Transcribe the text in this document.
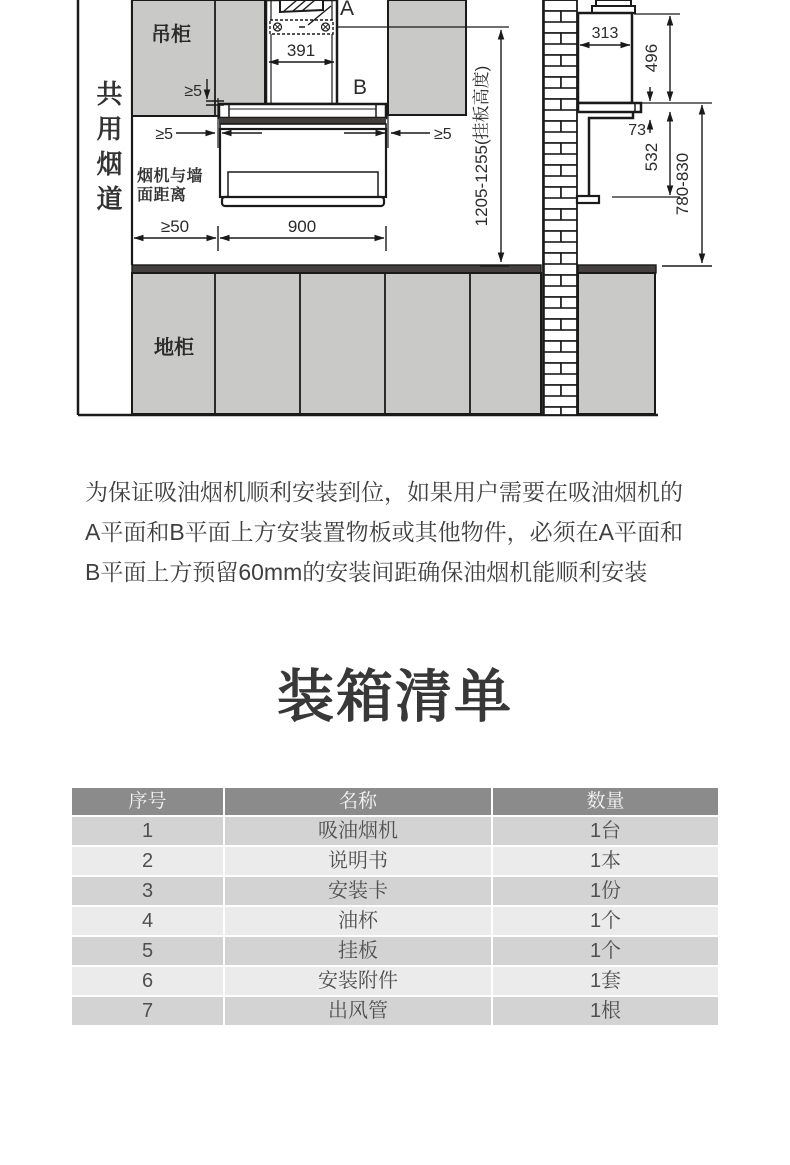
391
≥5
≥5	≥5
≥50	900
1205-1255(挂板高度)
A
B
吊柜
地柜
313
496
73
532 780-830
共用烟道 烟机与墙面距离
为保证吸油烟机顺利安装到位，如果用户需要在吸油烟机的
A平面和B平面上方安装置物板或其他物件，必须在A平面和
B平面上方预留60mm的安装间距确保油烟机能顺利安装
装箱清单
序号	名称	数量
1	吸油烟机	1台
2	说明书	1本
3	安装卡	1份
4	油杯	1个
5	挂板	1个
6	安装附件	1套
7	出风管	1根
